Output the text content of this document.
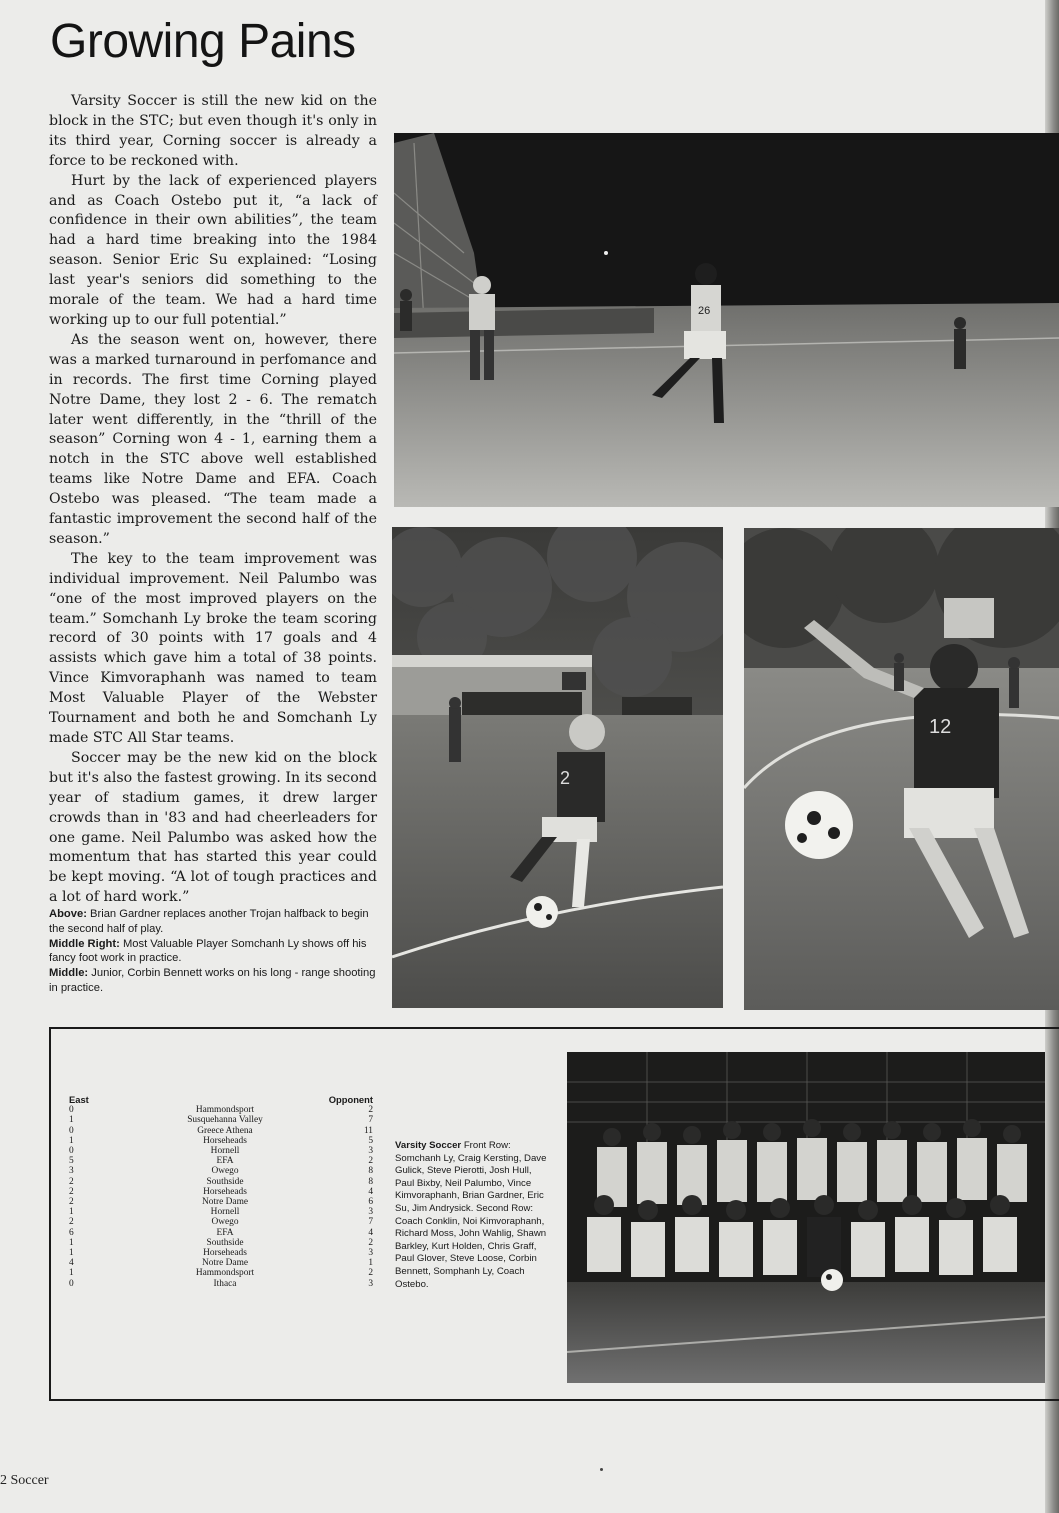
Growing Pains

Varsity Soccer is still the new kid on the block in the STC; but even though it's only in its third year, Corning soccer is already a force to be reckoned with.

Hurt by the lack of experienced players and as Coach Ostebo put it, “a lack of confidence in their own abilities”, the team had a hard time breaking into the 1984 season. Senior Eric Su explained: “Losing last year's seniors did something to the morale of the team. We had a hard time working up to our full potential.”

As the season went on, however, there was a marked turnaround in perfomance and in records. The first time Corning played Notre Dame, they lost 2 - 6. The rematch later went differently, in the “thrill of the season” Corning won 4 - 1, earning them a notch in the STC above well established teams like Notre Dame and EFA. Coach Ostebo was pleased. “The team made a fantastic improvement the second half of the season.”

The key to the team improvement was individual improvement. Neil Palumbo was “one of the most improved players on the team.” Somchanh Ly broke the team scoring record of 30 points with 17 goals and 4 assists which gave him a total of 38 points. Vince Kimvoraphanh was named to team Most Valuable Player of the Webster Tournament and both he and Somchanh Ly made STC All Star teams.

Soccer may be the new kid on the block but it's also the fastest growing. In its second year of stadium games, it drew larger crowds than in '83 and had cheerleaders for one game. Neil Palumbo was asked how the momentum that has started this year could be kept moving. “A lot of tough practices and a lot of hard work.”

Above: Brian Gardner replaces another Trojan halfback to begin the second half of play.

Middle Right: Most Valuable Player Somchanh Ly shows off his fancy foot work in practice.

Middle: Junior, Corbin Bennett works on his long - range shooting in practice.

26
2
12
East	Opponent
0	Hammondsport	2
1	Susquehanna Valley	7
0	Greece Athena	11
1	Horseheads	5
0	Hornell	3
5	EFA	2
3	Owego	8
2	Southside	8
2	Horseheads	4
2	Notre Dame	6
1	Hornell	3
2	Owego	7
6	EFA	4
1	Southside	2
1	Horseheads	3
4	Notre Dame	1
1	Hammondsport	2
0	Ithaca	3
Varsity Soccer Front Row: Somchanh Ly, Craig Kersting, Dave Gulick, Steve Pierotti, Josh Hull, Paul Bixby, Neil Palumbo, Vince Kimvoraphanh, Brian Gardner, Eric Su, Jim Andrysick. Second Row: Coach Conklin, Noi Kimvoraphanh, Richard Moss, John Wahlig, Shawn Barkley, Kurt Holden, Chris Graff, Paul Glover, Steve Loose, Corbin Bennett, Somphanh Ly, Coach Ostebo.
2 Soccer
